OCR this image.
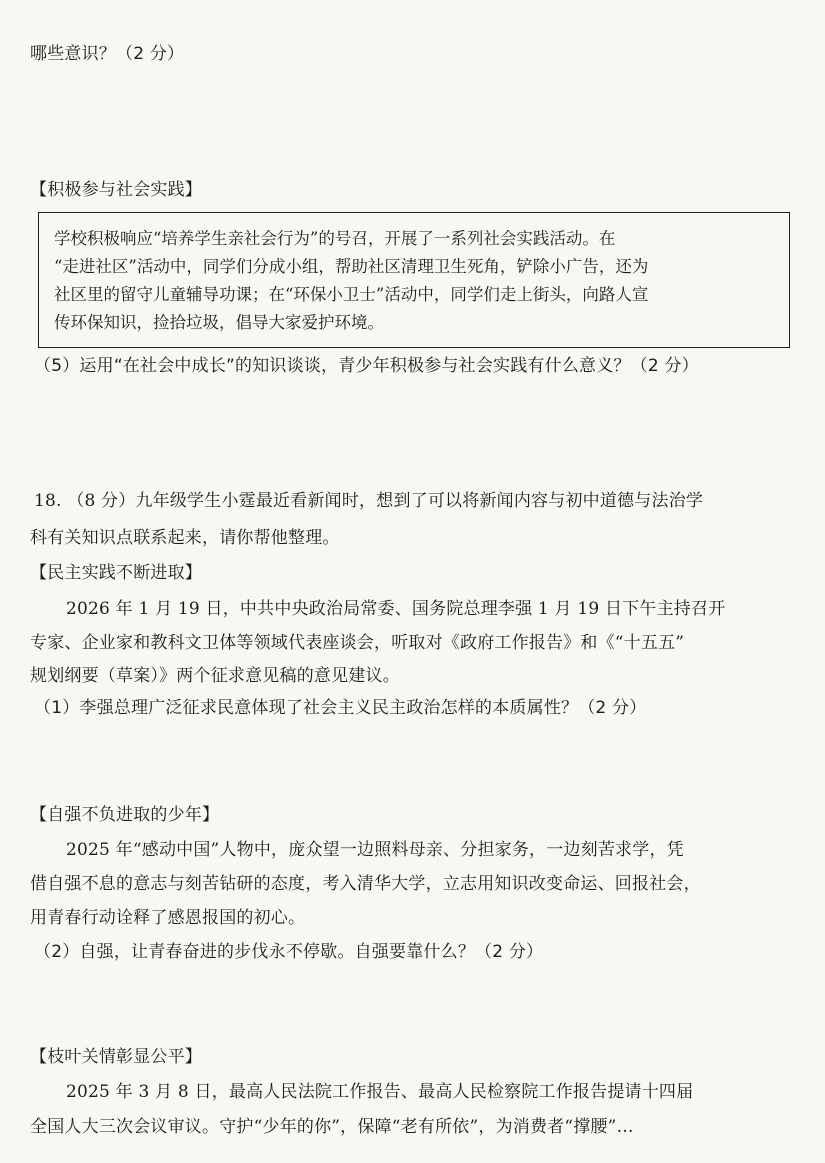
哪些意识？（2 分）
【积极参与社会实践】
学校积极响应“培养学生亲社会行为”的号召，开展了一系列社会实践活动。在
“走进社区”活动中，同学们分成小组，帮助社区清理卫生死角，铲除小广告，还为
社区里的留守儿童辅导功课；在“环保小卫士”活动中，同学们走上街头，向路人宣
传环保知识，捡拾垃圾，倡导大家爱护环境。
（5）运用“在社会中成长”的知识谈谈，青少年积极参与社会实践有什么意义？（2 分）
18. （8 分）九年级学生小霆最近看新闻时，想到了可以将新闻内容与初中道德与法治学
科有关知识点联系起来，请你帮他整理。
【民主实践不断进取】
2026 年 1 月 19 日，中共中央政治局常委、国务院总理李强 1 月 19 日下午主持召开
专家、企业家和教科文卫体等领域代表座谈会，听取对《政府工作报告》和《“十五五”
规划纲要（草案）》两个征求意见稿的意见建议。
（1）李强总理广泛征求民意体现了社会主义民主政治怎样的本质属性？（2 分）
【自强不负进取的少年】
2025 年“感动中国”人物中，庞众望一边照料母亲、分担家务，一边刻苦求学，凭
借自强不息的意志与刻苦钻研的态度，考入清华大学，立志用知识改变命运、回报社会，
用青春行动诠释了感恩报国的初心。
（2）自强，让青春奋进的步伐永不停歇。自强要靠什么？（2 分）
【枝叶关情彰显公平】
2025 年 3 月 8 日，最高人民法院工作报告、最高人民检察院工作报告提请十四届
全国人大三次会议审议。守护“少年的你”，保障“老有所依”，为消费者“撑腰”…
